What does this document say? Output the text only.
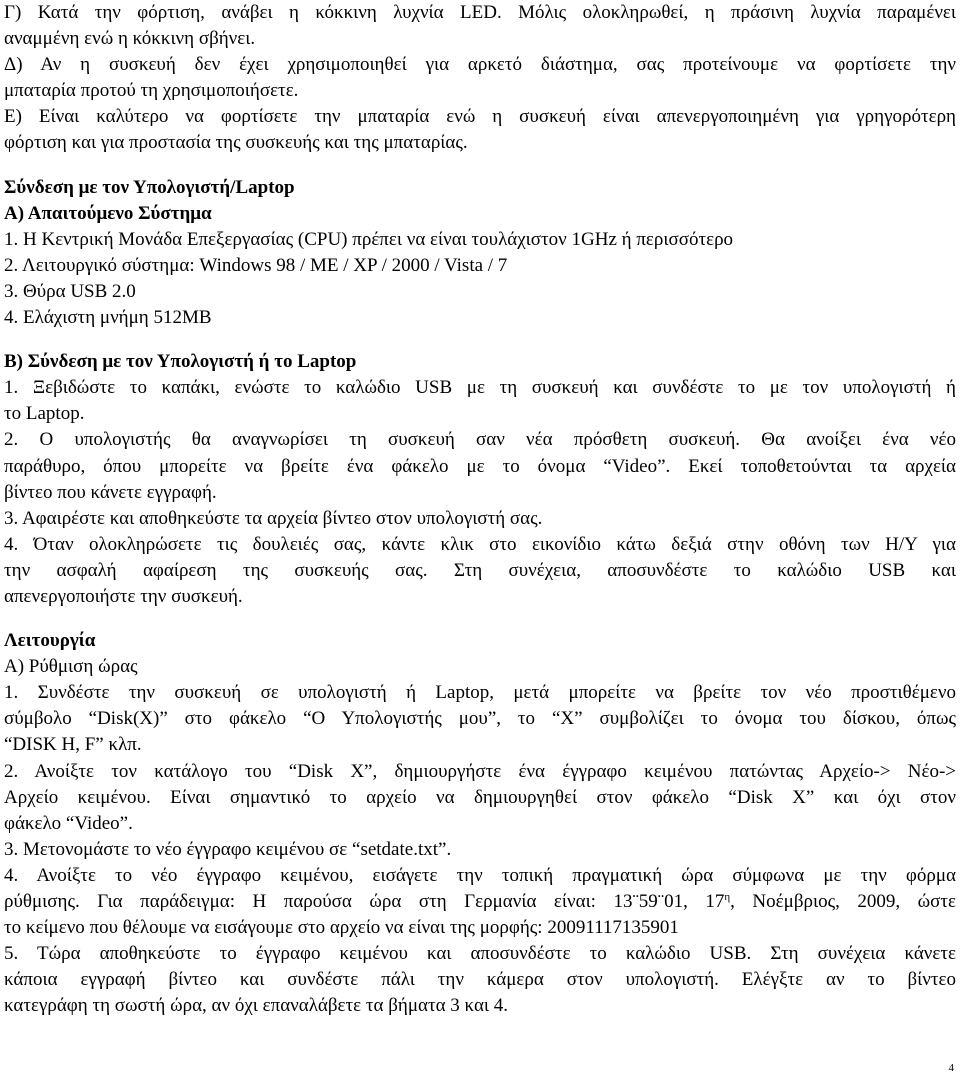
Γ) Κατά την φόρτιση, ανάβει η κόκκινη λυχνία LED. Μόλις ολοκληρωθεί, η πράσινη λυχνία παραμένει

αναμμένη ενώ η κόκκινη σβήνει.

Δ) Αν η συσκευή δεν έχει χρησιμοποιηθεί για αρκετό διάστημα, σας προτείνουμε να φορτίσετε την

μπαταρία προτού τη χρησιμοποιήσετε.

Ε) Είναι καλύτερο να φορτίσετε την μπαταρία ενώ η συσκευή είναι απενεργοποιημένη για γρηγορότερη

φόρτιση και για προστασία της συσκευής και της μπαταρίας.

Σύνδεση με τον Υπολογιστή/Laptop

Α) Απαιτούμενο Σύστημα

1. Η Κεντρική Μονάδα Επεξεργασίας (CPU) πρέπει να είναι τουλάχιστον 1GHz ή περισσότερο

2. Λειτουργικό σύστημα: Windows 98 / ME / XP / 2000 / Vista / 7

3. Θύρα USB 2.0

4. Ελάχιστη μνήμη 512MB

Β) Σύνδεση με τον Υπολογιστή ή το Laptop

1. Ξεβιδώστε το καπάκι, ενώστε το καλώδιο USB με τη συσκευή και συνδέστε το με τον υπολογιστή ή

το Laptop.

2. Ο υπολογιστής θα αναγνωρίσει τη συσκευή σαν νέα πρόσθετη συσκευή. Θα ανοίξει ένα νέο

παράθυρο, όπου μπορείτε να βρείτε ένα φάκελο με το όνομα “Video”. Εκεί τοποθετούνται τα αρχεία

βίντεο που κάνετε εγγραφή.

3. Αφαιρέστε και αποθηκεύστε τα αρχεία βίντεο στον υπολογιστή σας.

4. Όταν ολοκληρώσετε τις δουλειές σας, κάντε κλικ στο εικονίδιο κάτω δεξιά στην οθόνη των Η/Υ για

την ασφαλή αφαίρεση της συσκευής σας. Στη συνέχεια, αποσυνδέστε το καλώδιο USB και

απενεργοποιήστε την συσκευή.

Λειτουργία

Α) Ρύθμιση ώρας

1. Συνδέστε την συσκευή σε υπολογιστή ή Laptop, μετά μπορείτε να βρείτε τον νέο προστιθέμενο

σύμβολο “Disk(X)” στο φάκελο “Ο Υπολογιστής μου”, το “X” συμβολίζει το όνομα του δίσκου, όπως

“DISK H, F” κλπ.

2. Ανοίξτε τον κατάλογο του “Disk X”, δημιουργήστε ένα έγγραφο κειμένου πατώντας Αρχείο-> Νέο->

Αρχείο κειμένου. Είναι σημαντικό το αρχείο να δημιουργηθεί στον φάκελο “Disk X” και όχι στον

φάκελο “Video”.

3. Μετονομάστε το νέο έγγραφο κειμένου σε “setdate.txt”.

4. Ανοίξτε το νέο έγγραφο κειμένου, εισάγετε την τοπική πραγματική ώρα σύμφωνα με την φόρμα

ρύθμισης. Για παράδειγμα: Η παρούσα ώρα στη Γερμανία είναι: 13¨59¨01, $17^\eta$, Νοέμβριος, 2009, ώστε

το κείμενο που θέλουμε να εισάγουμε στο αρχείο να είναι της μορφής: 20091117135901

5. Τώρα αποθηκεύστε το έγγραφο κειμένου και αποσυνδέστε το καλώδιο USB. Στη συνέχεια κάνετε

κάποια εγγραφή βίντεο και συνδέστε πάλι την κάμερα στον υπολογιστή. Ελέγξτε αν το βίντεο

κατεγράφη τη σωστή ώρα, αν όχι επαναλάβετε τα βήματα 3 και 4.

4
